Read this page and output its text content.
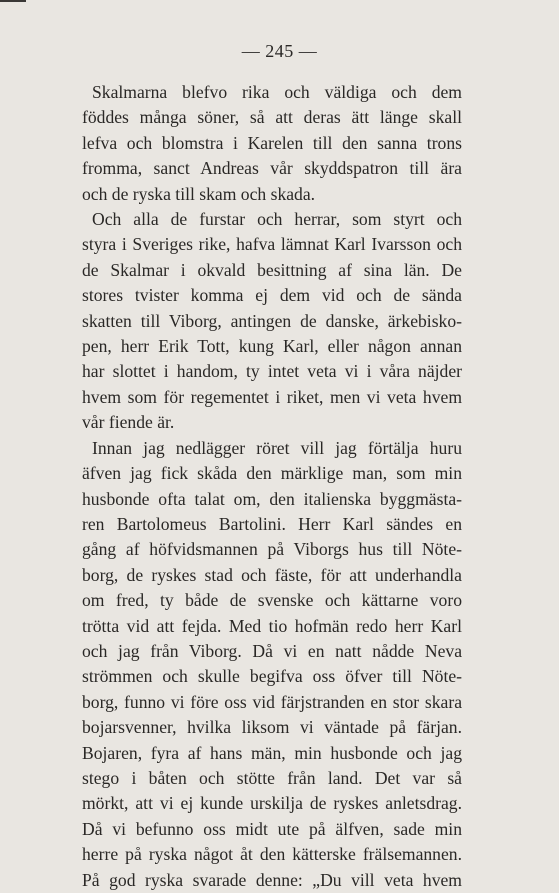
— 245 —
Skalmarna blefvo rika och väldiga och dem
föddes många söner, så att deras ätt länge skall
lefva och blomstra i Karelen till den sanna trons
fromma, sanct Andreas vår skyddspatron till ära
och de ryska till skam och skada.
Och alla de furstar och herrar, som styrt och
styra i Sveriges rike, hafva lämnat Karl Ivarsson och
de Skalmar i okvald besittning af sina län. De
stores tvister komma ej dem vid och de sända
skatten till Viborg, antingen de danske, ärkebisko-
pen, herr Erik Tott, kung Karl, eller någon annan
har slottet i handom, ty intet veta vi i våra näjder
hvem som för regementet i riket, men vi veta hvem
vår fiende är.
Innan jag nedlägger röret vill jag förtälja huru
äfven jag fick skåda den märklige man, som min
husbonde ofta talat om, den italienska byggmästa-
ren Bartolomeus Bartolini. Herr Karl sändes en
gång af höfvidsmannen på Viborgs hus till Nöte-
borg, de ryskes stad och fäste, för att underhandla
om fred, ty både de svenske och kättarne voro
trötta vid att fejda. Med tio hofmän redo herr Karl
och jag från Viborg. Då vi en natt nådde Neva
strömmen och skulle begifva oss öfver till Nöte-
borg, funno vi före oss vid färjstranden en stor skara
bojarsvenner, hvilka liksom vi väntade på färjan.
Bojaren, fyra af hans män, min husbonde och jag
stego i båten och stötte från land. Det var så
mörkt, att vi ej kunde urskilja de ryskes anletsdrag.
Då vi befunno oss midt ute på älfven, sade min
herre på ryska något åt den kätterske frälsemannen.
På god ryska svarade denne: „Du vill veta hvem
